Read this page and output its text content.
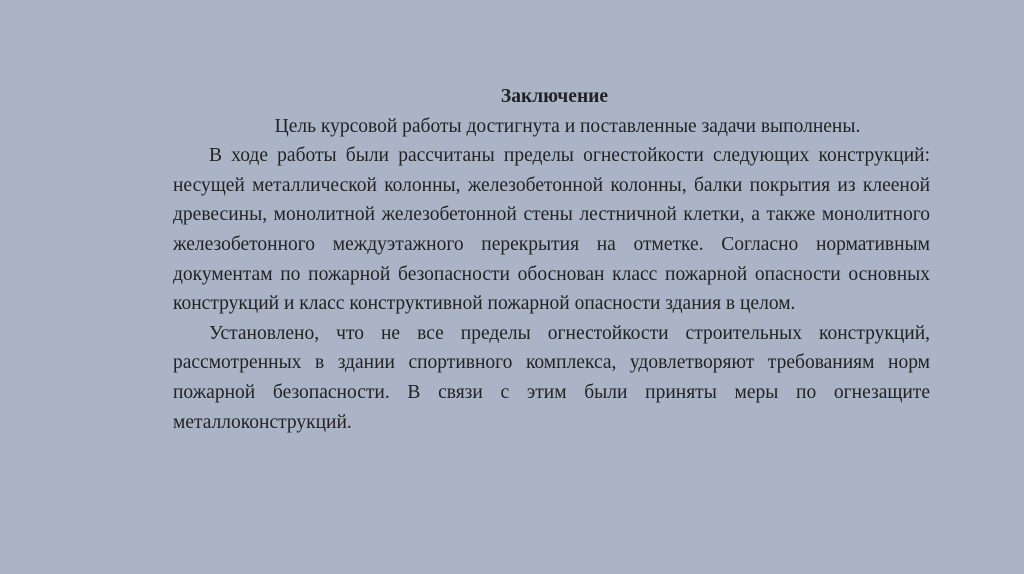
Заключение

Цель курсовой работы достигнута и поставленные задачи выполнены.

В ходе работы были рассчитаны пределы огнестойкости следующих конструкций: несущей металлической колонны, железобетонной колонны, балки покрытия из клееной древесины, монолитной железобетонной стены лестничной клетки, а также монолитного железобетонного междуэтажного перекрытия на отметке. Согласно нормативным документам по пожарной безопасности обоснован класс пожарной опасности основных конструкций и класс конструктивной пожарной опасности здания в целом.

Установлено, что не все пределы огнестойкости строительных конструкций, рассмотренных в здании спортивного комплекса, удовлетворяют требованиям норм пожарной безопасности. В связи с этим были приняты меры по огнезащите металлоконструкций.
